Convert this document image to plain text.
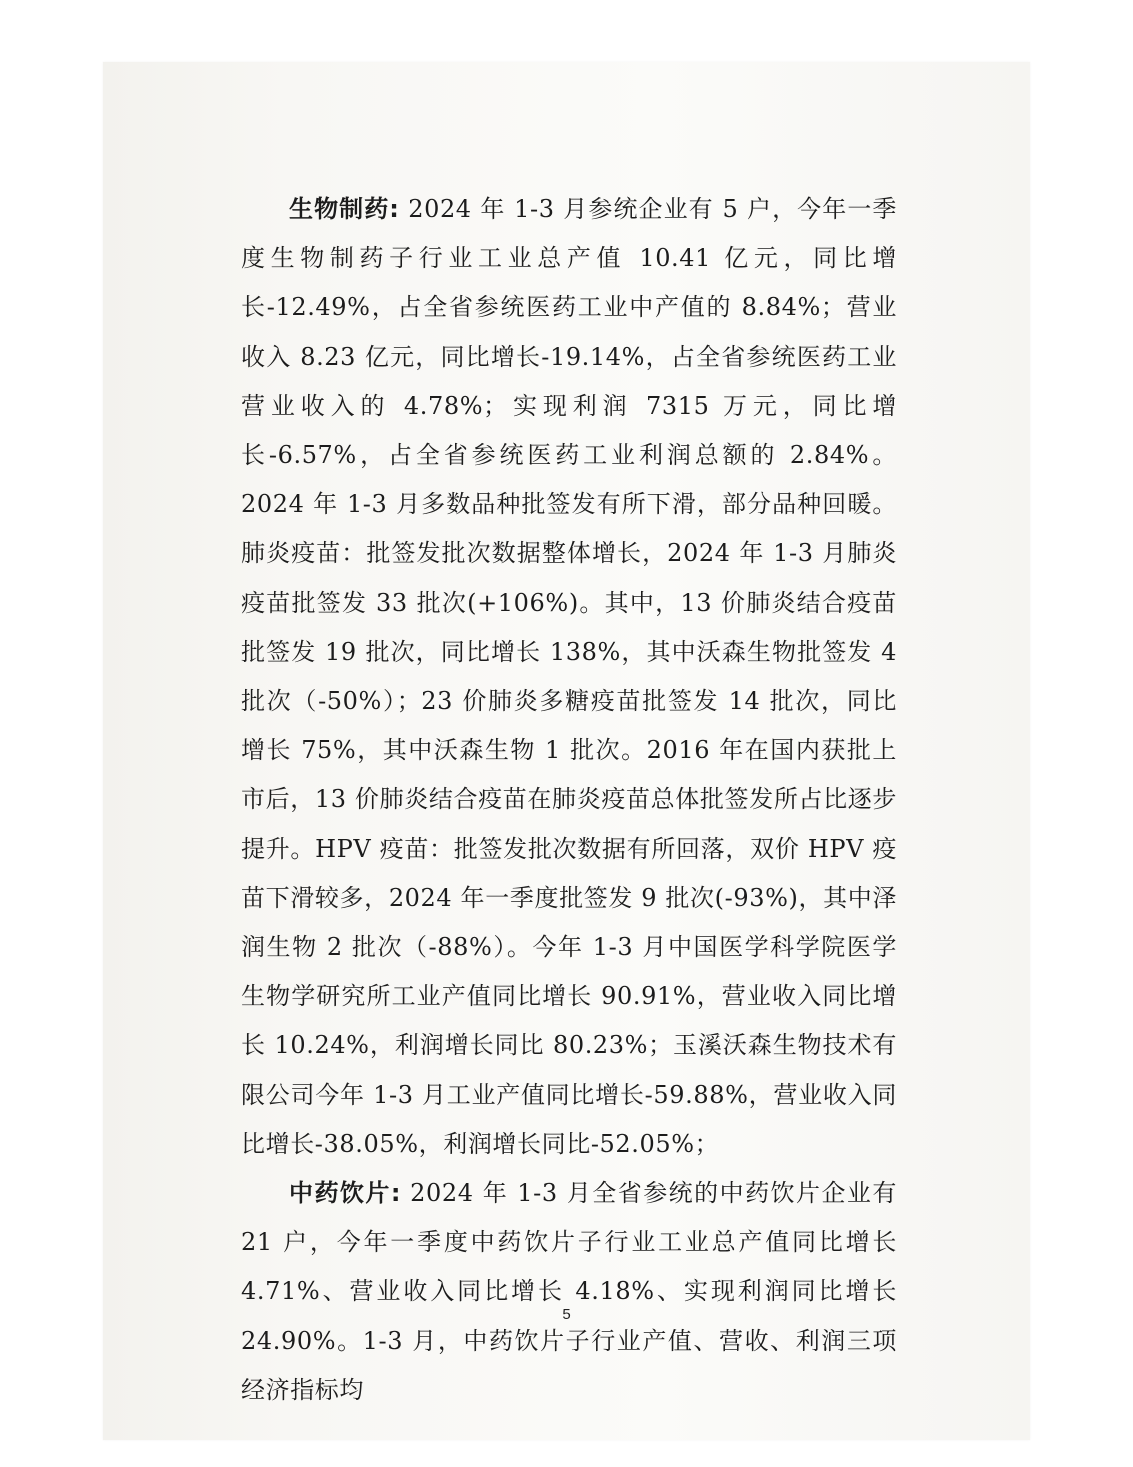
生物制药: 2024 年 1-3 月参统企业有 5 户，今年一季度生物制药子行业工业总产值 10.41 亿元，同比增长-12.49%，占全省参统医药工业中产值的 8.84%；营业收入 8.23 亿元，同比增长-19.14%，占全省参统医药工业营业收入的 4.78%；实现利润 7315 万元，同比增长-6.57%，占全省参统医药工业利润总额的 2.84%。2024 年 1-3 月多数品种批签发有所下滑，部分品种回暖。肺炎疫苗：批签发批次数据整体增长，2024 年 1-3 月肺炎疫苗批签发 33 批次(+106%)。其中，13 价肺炎结合疫苗批签发 19 批次，同比增长 138%，其中沃森生物批签发 4 批次（-50%）；23 价肺炎多糖疫苗批签发 14 批次，同比增长 75%，其中沃森生物 1 批次。2016 年在国内获批上市后，13 价肺炎结合疫苗在肺炎疫苗总体批签发所占比逐步提升。HPV 疫苗：批签发批次数据有所回落，双价 HPV 疫苗下滑较多，2024 年一季度批签发 9 批次(-93%)，其中泽润生物 2 批次（-88%）。今年 1-3 月中国医学科学院医学生物学研究所工业产值同比增长 90.91%，营业收入同比增长 10.24%，利润增长同比 80.23%；玉溪沃森生物技术有限公司今年 1-3 月工业产值同比增长-59.88%，营业收入同比增长-38.05%，利润增长同比-52.05%；

中药饮片: 2024 年 1-3 月全省参统的中药饮片企业有 21 户，今年一季度中药饮片子行业工业总产值同比增长 4.71%、营业收入同比增长 4.18%、实现利润同比增长 24.90%。1-3 月，中药饮片子行业产值、营收、利润三项经济指标均

5
